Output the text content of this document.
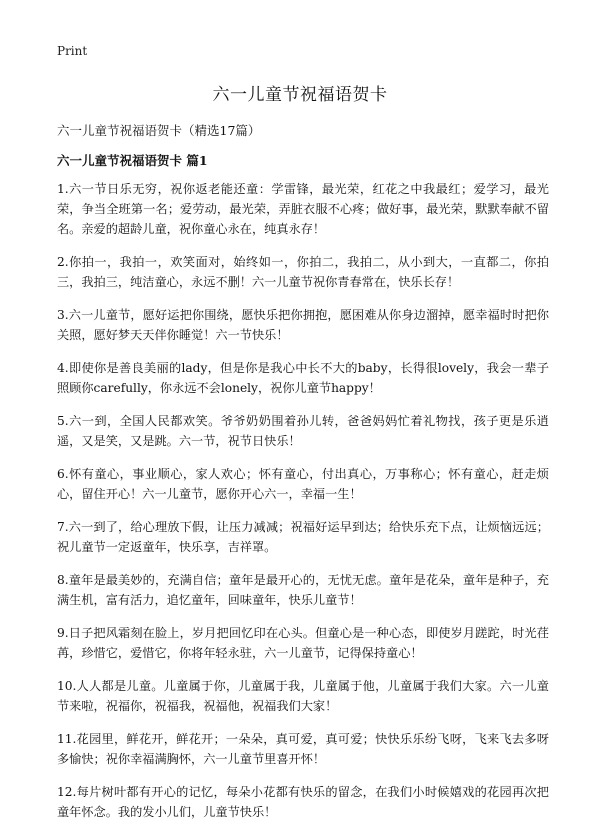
Print
六一儿童节祝福语贺卡

六一儿童节祝福语贺卡（精选17篇）

六一儿童节祝福语贺卡 篇1

1.六一节日乐无穷，祝你返老能还童：学雷锋，最光荣，红花之中我最红；爱学习，最光荣，争当全班第一名；爱劳动，最光荣，弄脏衣服不心疼；做好事，最光荣，默默奉献不留名。亲爱的超龄儿童，祝你童心永在，纯真永存！

2.你拍一，我拍一，欢笑面对，始终如一，你拍二，我拍二，从小到大，一直都二，你拍三，我拍三，纯洁童心，永远不删！六一儿童节祝你青春常在，快乐长存！

3.六一儿童节，愿好运把你围绕，愿快乐把你拥抱，愿困难从你身边溜掉，愿幸福时时把你关照，愿好梦天天伴你睡觉！六一节快乐！

4.即使你是善良美丽的lady，但是你是我心中长不大的baby，长得很lovely，我会一辈子照顾你carefully，你永远不会lonely，祝你儿童节happy！

5.六一到，全国人民都欢笑。爷爷奶奶围着孙儿转，爸爸妈妈忙着礼物找，孩子更是乐逍遥，又是笑，又是跳。六一节，祝节日快乐！

6.怀有童心，事业顺心，家人欢心；怀有童心，付出真心，万事称心；怀有童心，赶走烦心，留住开心！六一儿童节，愿你开心六一，幸福一生！

7.六一到了，给心理放下假，让压力减减；祝福好运早到达；给快乐充下点，让烦恼远远；祝儿童节一定返童年，快乐享，吉祥罩。

8.童年是最美妙的，充满自信；童年是最开心的，无忧无虑。童年是花朵，童年是种子，充满生机，富有活力，追忆童年，回味童年，快乐儿童节！

9.日子把风霜刻在脸上，岁月把回忆印在心头。但童心是一种心态，即使岁月蹉跎，时光荏苒，珍惜它，爱惜它，你将年轻永驻，六一儿童节，记得保持童心！

10.人人都是儿童。儿童属于你，儿童属于我，儿童属于他，儿童属于我们大家。六一儿童节来啦，祝福你，祝福我，祝福他，祝福我们大家！

11.花园里，鲜花开，鲜花开；一朵朵，真可爱，真可爱；快快乐乐纷飞呀，飞来飞去多呀多愉快；祝你幸福满胸怀，六一儿童节里喜开怀！

12.每片树叶都有开心的记忆，每朵小花都有快乐的留念，在我们小时候嬉戏的花园再次把童年怀念。我的发小儿们，儿童节快乐！
